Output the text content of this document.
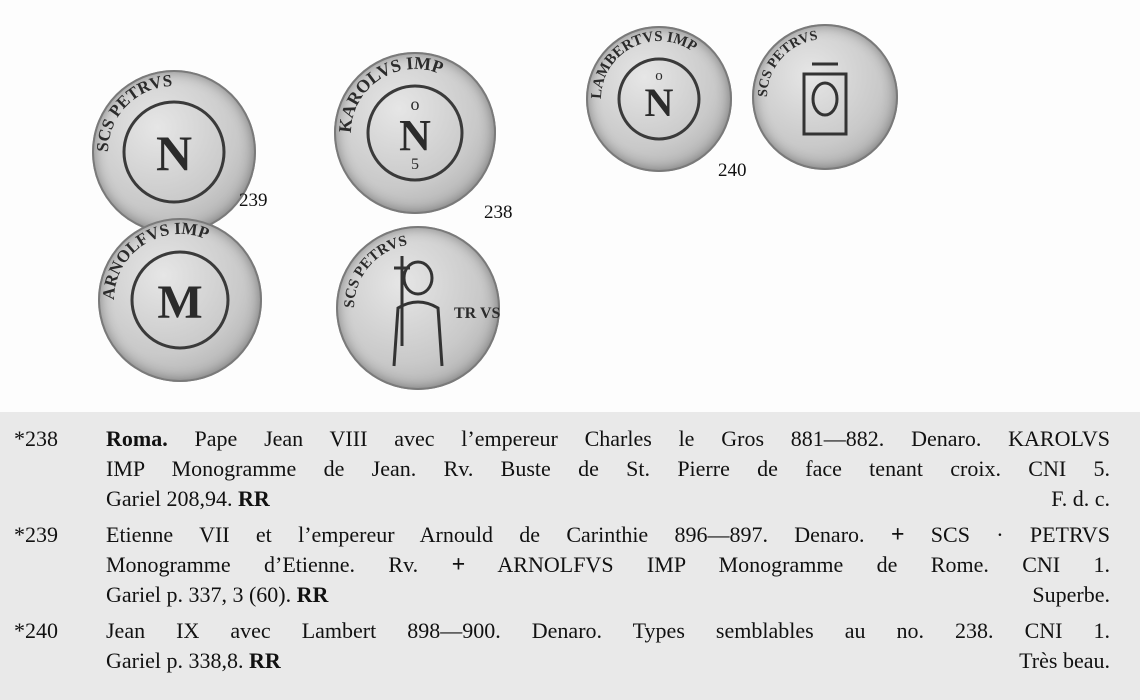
SCS PETRVS
N
239
KAROLVS IMP
o
N
5
238
ARNOLFVS IMP
M	SCS PETRVS
TR VS
LAMBERTVS IMP
o
N	SCS PETRVS
240
*238 Roma. Pape Jean VIII avec l’empereur Charles le Gros 881—882. Denaro. KAROLVS
IMP Monogramme de Jean. Rv. Buste de St. Pierre de face tenant croix. CNI 5.
Gariel 208,94. RR	F. d. c.
*239 Etienne VII et l’empereur Arnould de Carinthie 896—897. Denaro. + SCS · PETRVS
Monogramme d’Etienne. Rv. + ARNOLFVS IMP Monogramme de Rome. CNI 1.
Gariel p. 337, 3 (60). RR	Superbe.
*240 Jean IX avec Lambert 898—900. Denaro. Types semblables au no. 238. CNI 1.
Gariel p. 338,8. RR	Très beau.
